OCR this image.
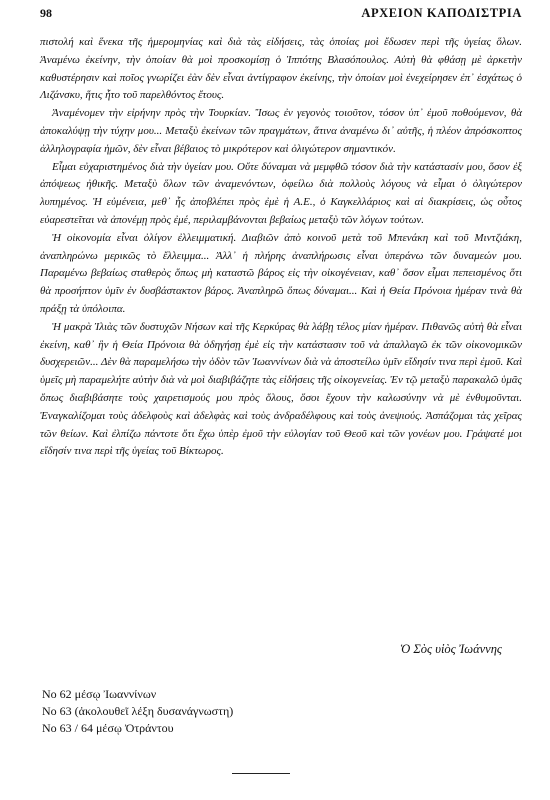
98	ΑΡΧΕΙΟΝ ΚΑΠΟΔΙΣΤΡΙΑ

πιστολή καὶ ἕνεκα τῆς ἡμερομηνίας καὶ διὰ τὰς εἰδήσεις, τὰς ὁποίας μοὶ ἔδωσεν περὶ τῆς ὑγείας ὅλων. Ἀναμένω ἐκείνην, τὴν ὁποίαν θὰ μοὶ προσκομίσῃ ὁ Ἱππότης Βλασόπουλος. Αὐτὴ θὰ φθάσῃ μὲ ἀρκετὴν καθυστέρησιν καὶ ποῖος γνωρίζει ἐὰν δὲν εἶναι ἀντίγραφον ἐκείνης, τὴν ὁποίαν μοὶ ἐνεχείρησεν ἐπ᾽ ἐσχάτως ὁ Λιζάνσκυ, ἥτις ἦτο τοῦ παρελθόντος ἔτους.

Ἀναμένομεν τὴν εἰρήνην πρὸς τὴν Τουρκίαν. Ἴσως ἐν γεγονὸς τοιοῦτον, τόσον ὑπ᾽ ἐμοῦ ποθούμενον, θὰ ἀποκαλύψῃ τὴν τύχην μου... Μεταξὺ ἐκείνων τῶν πραγμάτων, ἅτινα ἀναμένω δι᾽ αὐτῆς, ἡ πλέον ἀπρόσκοπτος ἀλληλογραφία ἡμῶν, δὲν εἶναι βέβαιος τὸ μικρότερον καὶ ὀλιγώτερον σημαντικόν.

Εἶμαι εὐχαριστημένος διὰ τὴν ὑγείαν μου. Οὔτε δύναμαι νὰ μεμφθῶ τόσον διὰ τὴν κατάστασίν μου, ὅσον ἐξ ἀπόψεως ἠθικῆς. Μεταξὺ ὅλων τῶν ἀναμενόντων, ὀφείλω διὰ πολλοὺς λόγους νὰ εἶμαι ὁ ὀλιγώτερον λυπημένος. Ἡ εὐμένεια, μεθ᾽ ἧς ἀποβλέπει πρὸς ἐμὲ ἡ Α.Ε., ὁ Καγκελλάριος καὶ αἱ διακρίσεις, ὡς οὗτος εὐαρεστεῖται νὰ ἀπονέμῃ πρὸς ἐμέ, περιλαμβάνονται βεβαίως μεταξὺ τῶν λόγων τούτων.

Ἡ οἰκονομία εἶναι ὀλίγον ἐλλειμματική. Διαβιῶν ἀπὸ κοινοῦ μετὰ τοῦ Μπενάκη καὶ τοῦ Μιντζιάκη, ἀναπληρώνω μερικῶς τὸ ἔλλειμμα... Ἀλλ᾽ ἡ πλήρης ἀναπλήρωσις εἶναι ὑπεράνω τῶν δυναμεών μου. Παραμένω βεβαίως σταθερὸς ὅπως μὴ καταστῶ βάρος εἰς τὴν οἰκογένειαν, καθ᾽ ὅσον εἶμαι πεπεισμένος ὅτι θὰ προσήπτον ὑμῖν ἐν δυσβάστακτον βάρος. Ἀναπληρῶ ὅπως δύναμαι... Καὶ ἡ Θεία Πρόνοια ἡμέραν τινὰ θὰ πράξῃ τὰ ὑπόλοιπα.

Ἡ μακρὰ Ἰλιὰς τῶν δυστυχῶν Νήσων καὶ τῆς Κερκύρας θὰ λάβῃ τέλος μίαν ἡμέραν. Πιθανῶς αὐτὴ θὰ εἶναι ἐκείνη, καθ᾽ ἣν ἡ Θεία Πρόνοια θὰ ὁδηγήσῃ ἐμὲ εἰς τὴν κατάστασιν τοῦ νὰ ἀπαλλαγῶ ἐκ τῶν οἰκονομικῶν δυσχερειῶν... Δὲν θὰ παραμελήσω τὴν ὁδὸν τῶν Ἰωαννίνων διὰ νὰ ἀποστείλω ὑμῖν εἴδησίν τινα περὶ ἐμοῦ. Καὶ ὑμεῖς μὴ παραμελήτε αὐτὴν διὰ νὰ μοὶ διαβιβάζητε τὰς εἰδήσεις τῆς οἰκογενείας. Ἐν τῷ μεταξὺ παρακαλῶ ὑμᾶς ὅπως διαβιβάσητε τοὺς χαιρετισμούς μου πρὸς ὅλους, ὅσοι ἔχουν τὴν καλωσύνην νὰ μὲ ἐνθυμοῦνται. Ἐναγκαλίζομαι τοὺς ἀδελφοὺς καὶ ἀδελφὰς καὶ τοὺς ἀνδραδέλφους καὶ τοὺς ἀνεψιούς. Ἀσπάζομαι τὰς χεῖρας τῶν θείων. Καὶ ἐλπίζω πάντοτε ὅτι ἔχω ὑπὲρ ἐμοῦ τὴν εὐλογίαν τοῦ Θεοῦ καὶ τῶν γονέων μου. Γράψατέ μοι εἴδησίν τινα περὶ τῆς ὑγείας τοῦ Βίκτωρος.

Ὁ Σὸς υἱὸς Ἰωάννης
Νο 62 μέσῳ Ἰωαννίνων
Νο 63 (ἀκολουθεῖ λέξη δυσανάγνωστη)
Νο 63 / 64 μέσῳ Ὀτράντου
